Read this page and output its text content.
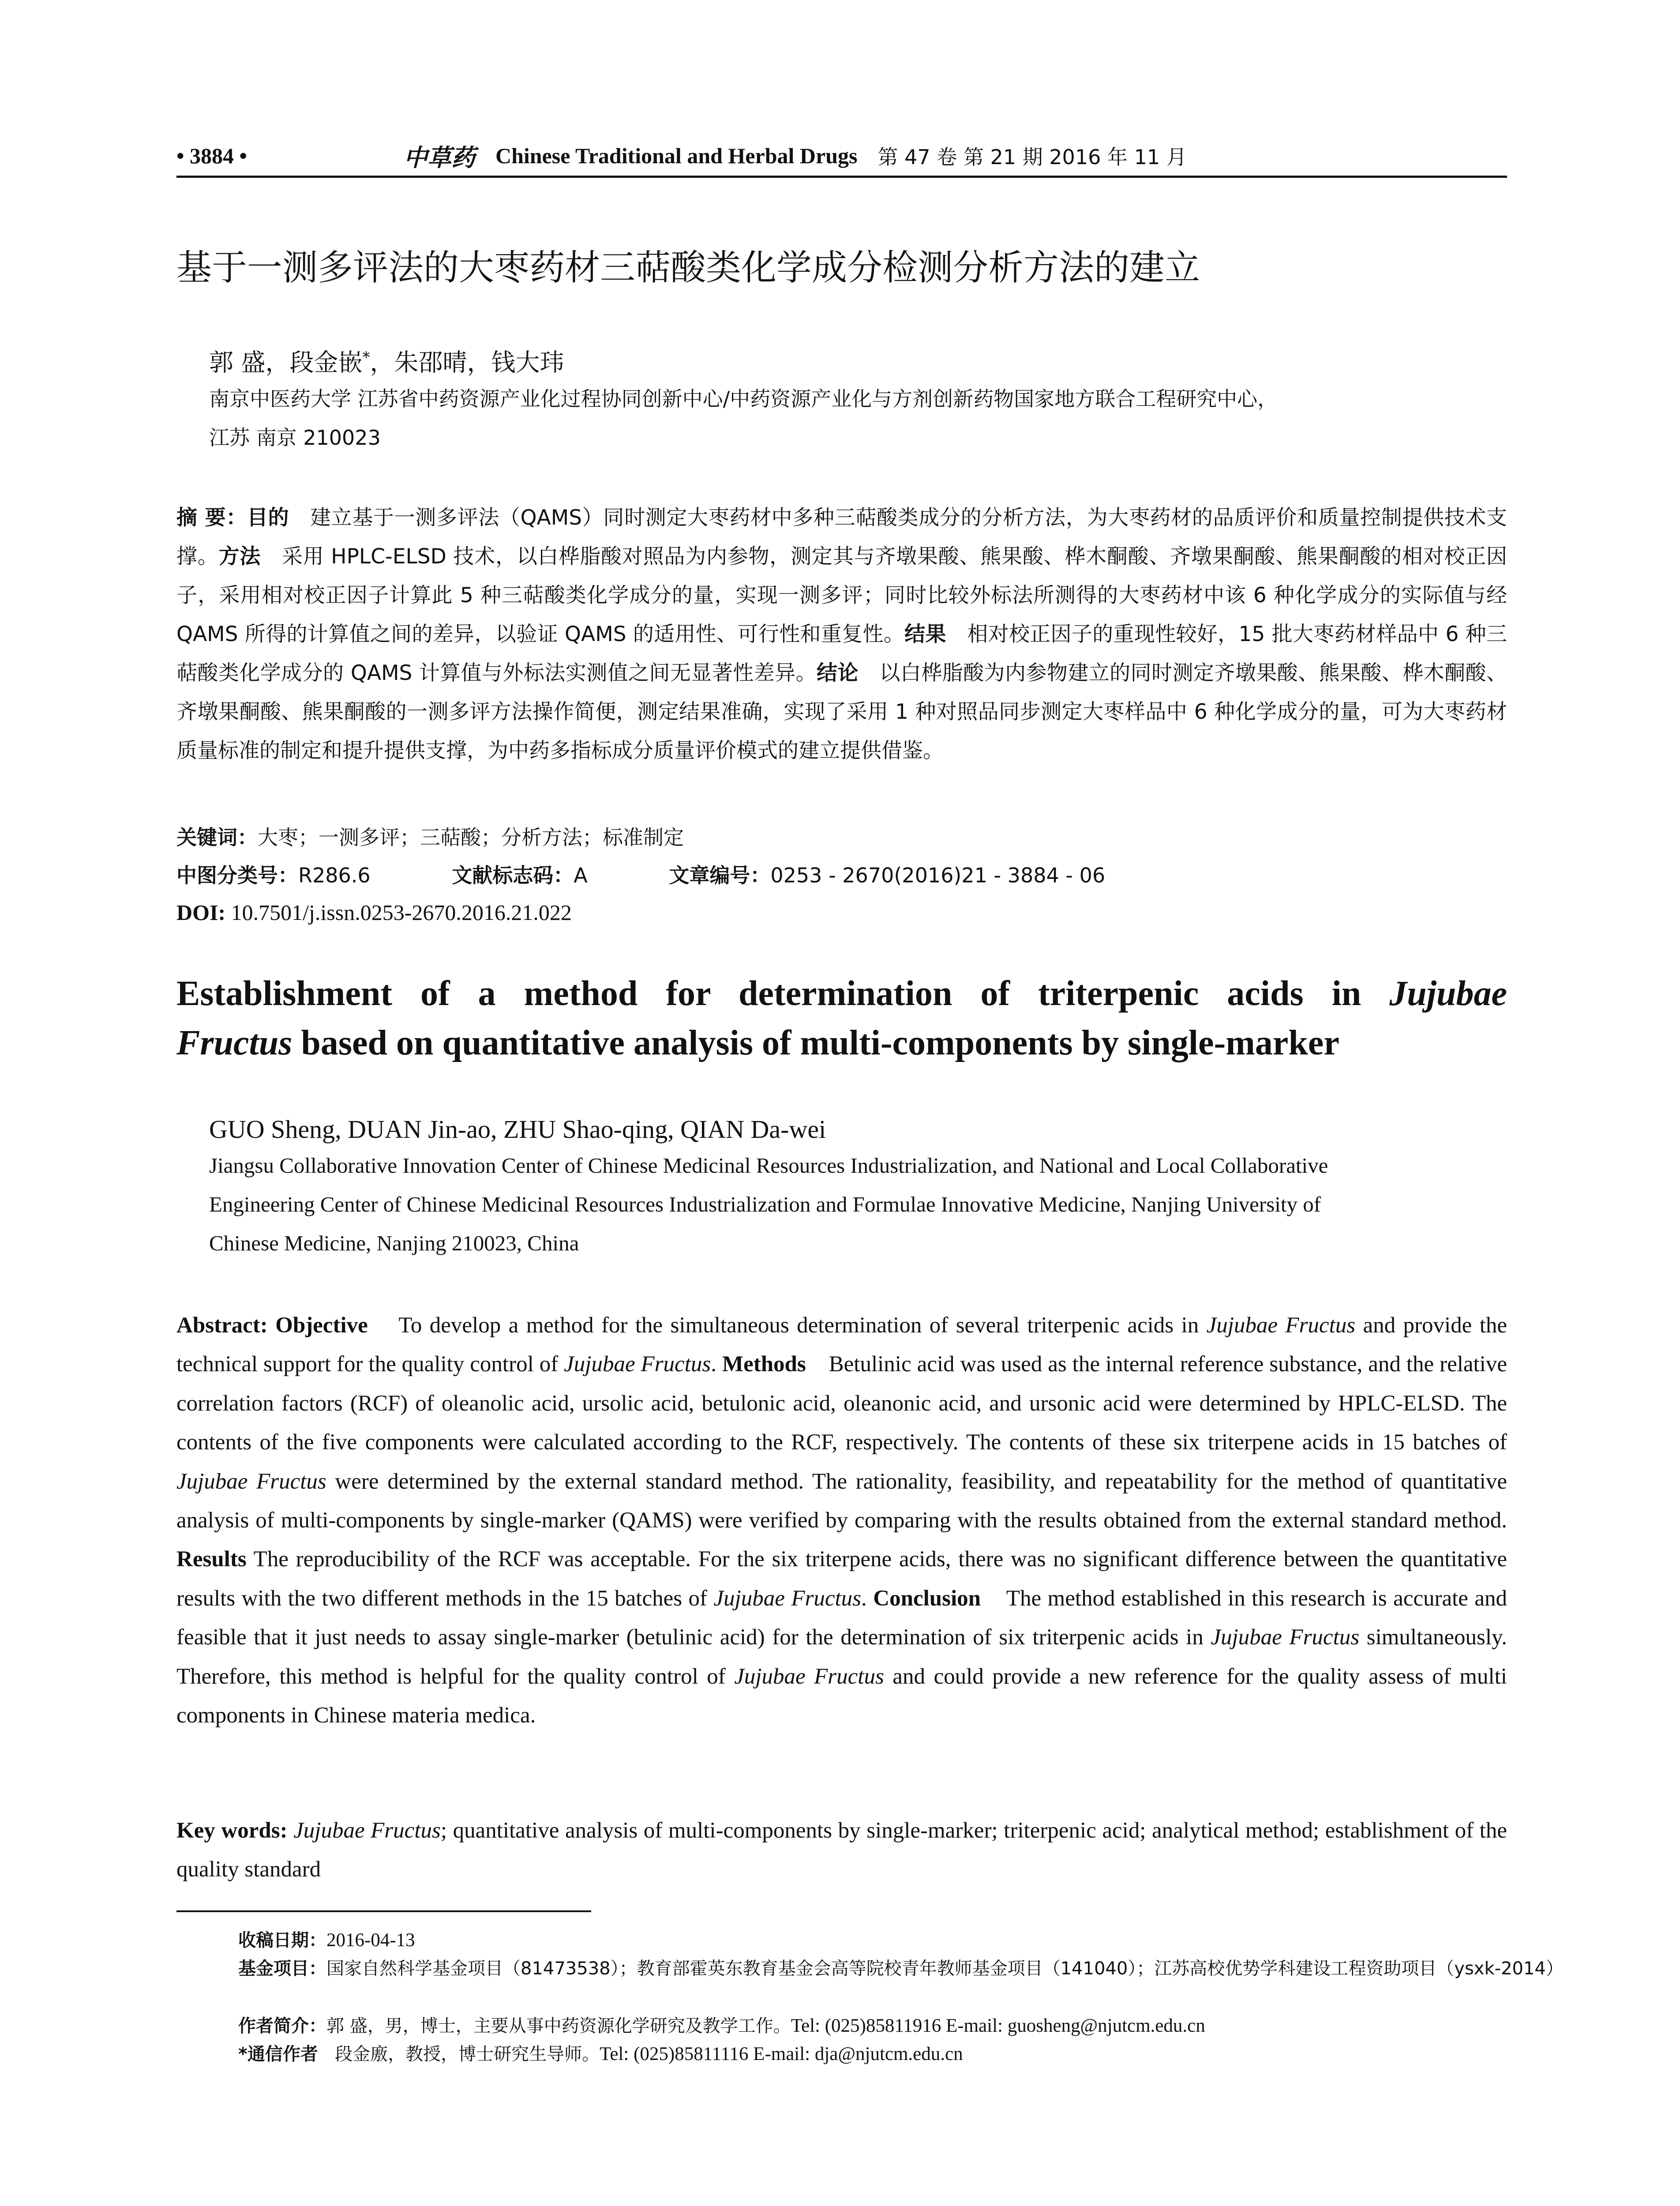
• 3884 •	中草药 Chinese Traditional and Herbal Drugs 第 47 卷 第 21 期 2016 年 11 月
基于一测多评法的大枣药材三萜酸类化学成分检测分析方法的建立
郭 盛，段金嵌*，朱邵晴，钱大玮
南京中医药大学 江苏省中药资源产业化过程协同创新中心/中药资源产业化与方剂创新药物国家地方联合工程研究中心，
江苏 南京 210023
摘 要：目的　 建立基于一测多评法（QAMS）同时测定大枣药材中多种三萜酸类成分的分析方法，为大枣药材的品质评价和质量控制提供技术支撑。方法　 采用 HPLC-ELSD 技术，以白桦脂酸对照品为内参物，测定其与齐墩果酸、熊果酸、桦木酮酸、齐墩果酮酸、熊果酮酸的相对校正因子，采用相对校正因子计算此 5 种三萜酸类化学成分的量，实现一测多评；同时比较外标法所测得的大枣药材中该 6 种化学成分的实际值与经 QAMS 所得的计算值之间的差异，以验证 QAMS 的适用性、可行性和重复性。结果　 相对校正因子的重现性较好，15 批大枣药材样品中 6 种三萜酸类化学成分的 QAMS 计算值与外标法实测值之间无显著性差异。结论　 以白桦脂酸为内参物建立的同时测定齐墩果酸、熊果酸、桦木酮酸、齐墩果酮酸、熊果酮酸的一测多评方法操作简便，测定结果准确，实现了采用 1 种对照品同步测定大枣样品中 6 种化学成分的量，可为大枣药材质量标准的制定和提升提供支撑，为中药多指标成分质量评价模式的建立提供借鉴。
关键词：大枣；一测多评；三萜酸；分析方法；标准制定
中图分类号：R286.6	文献标志码：A	文章编号：0253 - 2670(2016)21 - 3884 - 06
DOI: 10.7501/j.issn.0253-2670.2016.21.022
Establishment of a method for determination of triterpenic acids in Jujubae
Fructus based on quantitative analysis of multi-components by single-marker
GUO Sheng, DUAN Jin-ao, ZHU Shao-qing, QIAN Da-wei
Jiangsu Collaborative Innovation Center of Chinese Medicinal Resources Industrialization, and National and Local Collaborative
Engineering Center of Chinese Medicinal Resources Industrialization and Formulae Innovative Medicine, Nanjing University of
Chinese Medicine, Nanjing 210023, China
Abstract: Objective To develop a method for the simultaneous determination of several triterpenic acids in Jujubae Fructus and provide the technical support for the quality control of Jujubae Fructus. Methods Betulinic acid was used as the internal reference substance, and the relative correlation factors (RCF) of oleanolic acid, ursolic acid, betulonic acid, oleanonic acid, and ursonic acid were determined by HPLC-ELSD. The contents of the five components were calculated according to the RCF, respectively. The contents of these six triterpene acids in 15 batches of Jujubae Fructus were determined by the external standard method. The rationality, feasibility, and repeatability for the method of quantitative analysis of multi-components by single-marker (QAMS) were verified by comparing with the results obtained from the external standard method. Results The reproducibility of the RCF was acceptable. For the six triterpene acids, there was no significant difference between the quantitative results with the two different methods in the 15 batches of Jujubae Fructus. Conclusion The method established in this research is accurate and feasible that it just needs to assay single-marker (betulinic acid) for the determination of six triterpenic acids in Jujubae Fructus simultaneously. Therefore, this method is helpful for the quality control of Jujubae Fructus and could provide a new reference for the quality assess of multi components in Chinese materia medica.
Key words: Jujubae Fructus; quantitative analysis of multi-components by single-marker; triterpenic acid; analytical method; establishment of the quality standard
收稿日期：2016-04-13
基金项目：国家自然科学基金项目（81473538）；教育部霍英东教育基金会高等院校青年教师基金项目（141040）；江苏高校优势学科建设工程资助项目（ysxk-2014）
作者简介：郭 盛，男，博士，主要从事中药资源化学研究及教学工作。Tel: (025)85811916 E-mail: guosheng@njutcm.edu.cn
*通信作者 段金廒，教授，博士研究生导师。Tel: (025)85811116 E-mail: dja@njutcm.edu.cn
